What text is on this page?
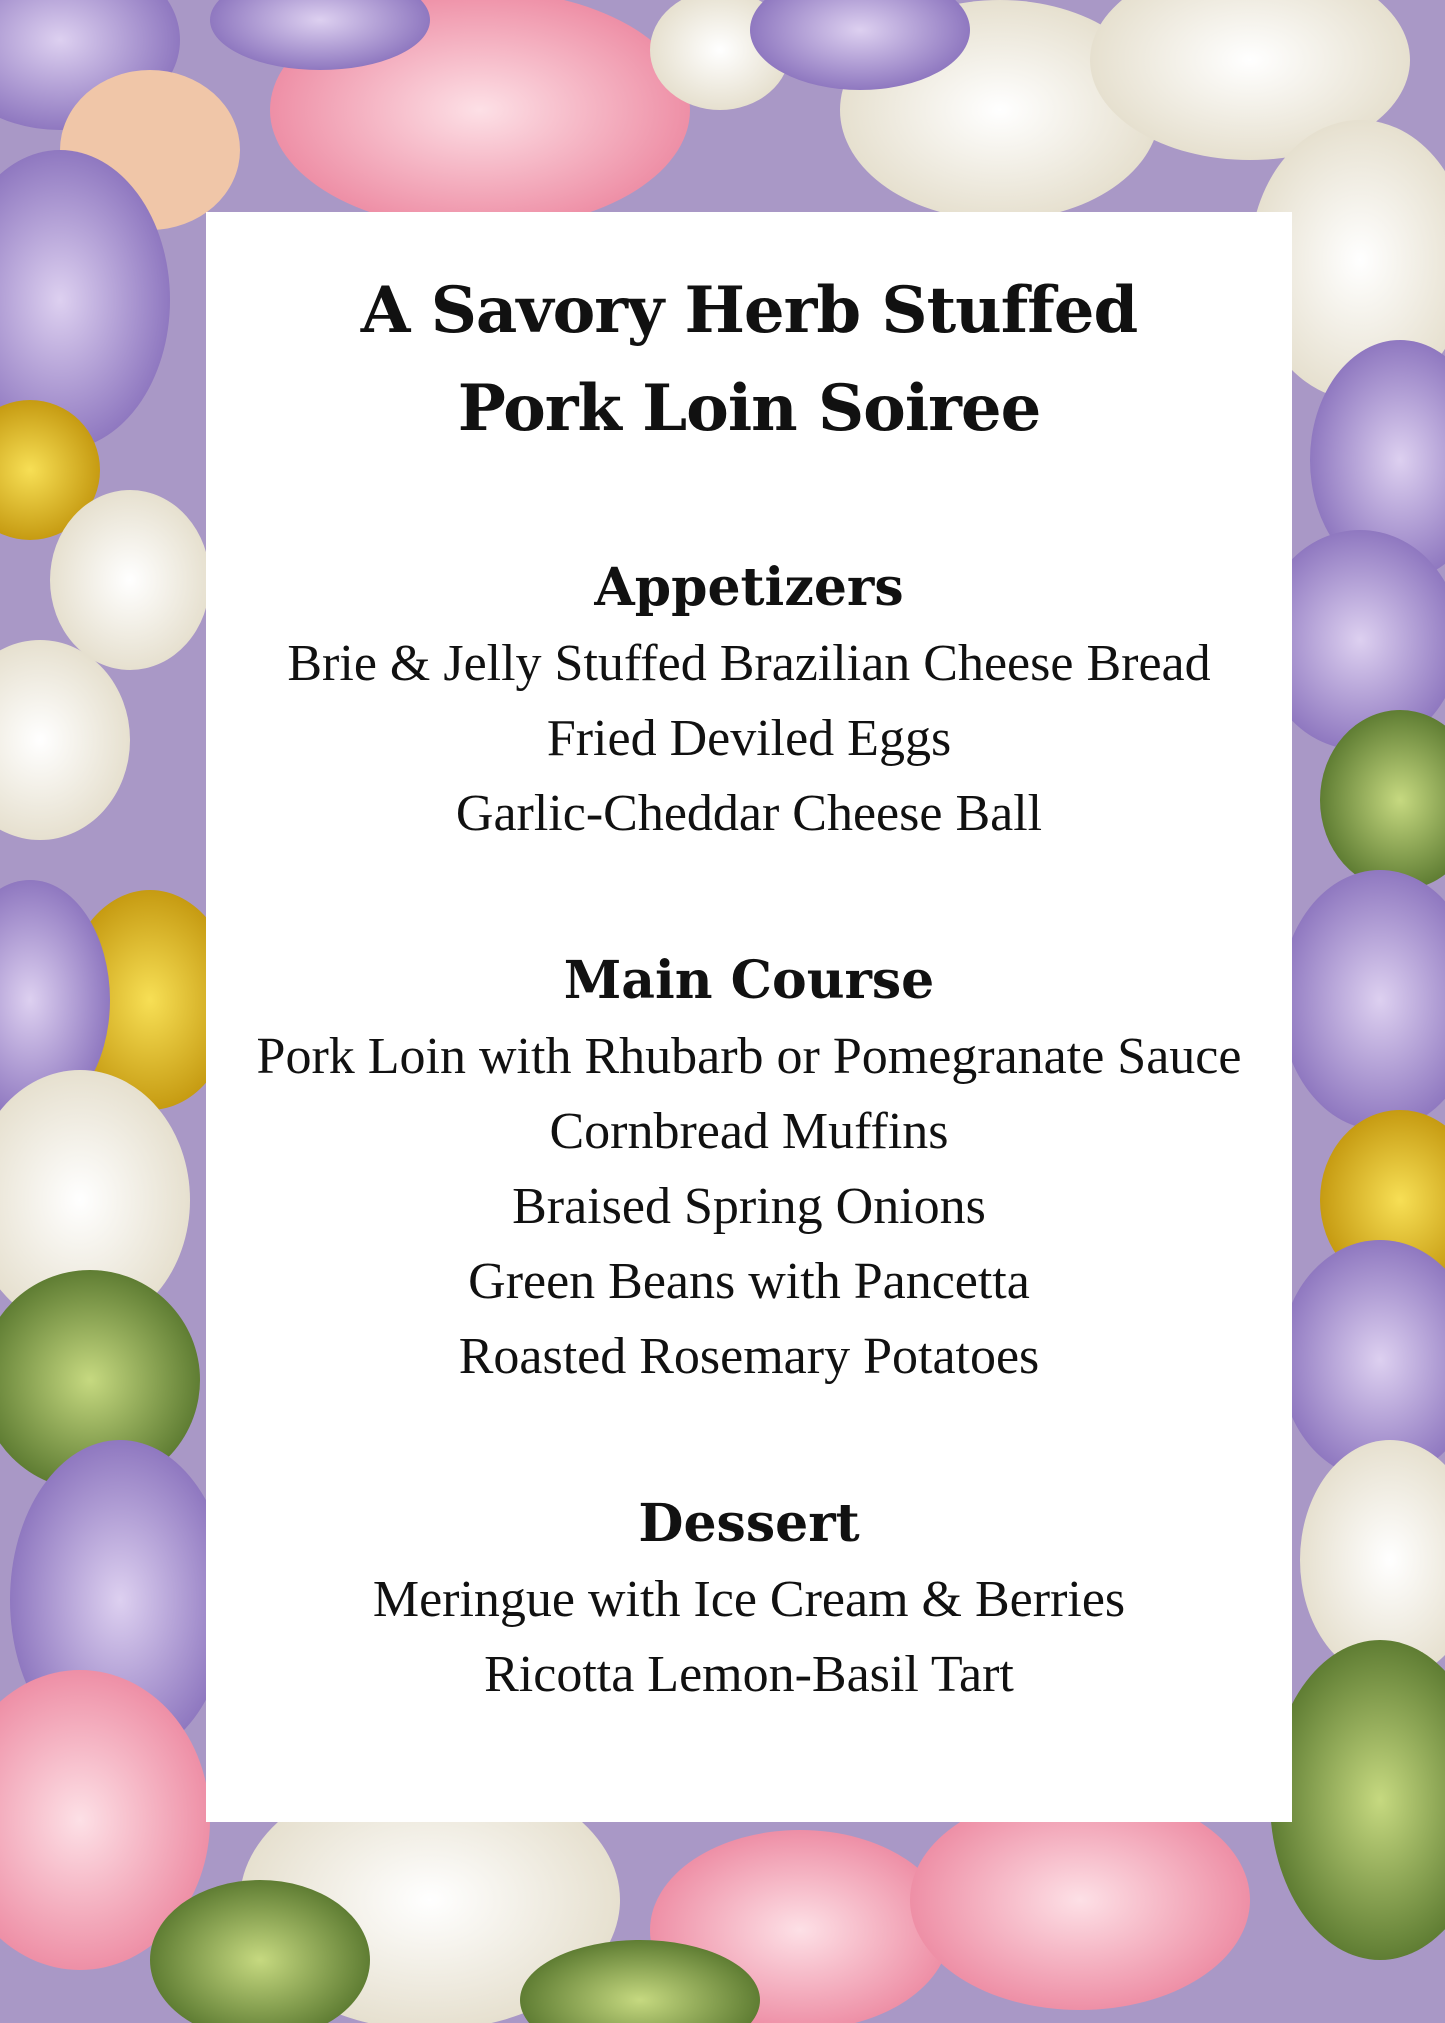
A Savory Herb Stuffed
Pork Loin Soiree
Appetizers
Brie & Jelly Stuffed Brazilian Cheese Bread
Fried Deviled Eggs
Garlic-Cheddar Cheese Ball
Main Course
Pork Loin with Rhubarb or Pomegranate Sauce
Cornbread Muffins
Braised Spring Onions
Green Beans with Pancetta
Roasted Rosemary Potatoes
Dessert
Meringue with Ice Cream & Berries
Ricotta Lemon-Basil Tart
